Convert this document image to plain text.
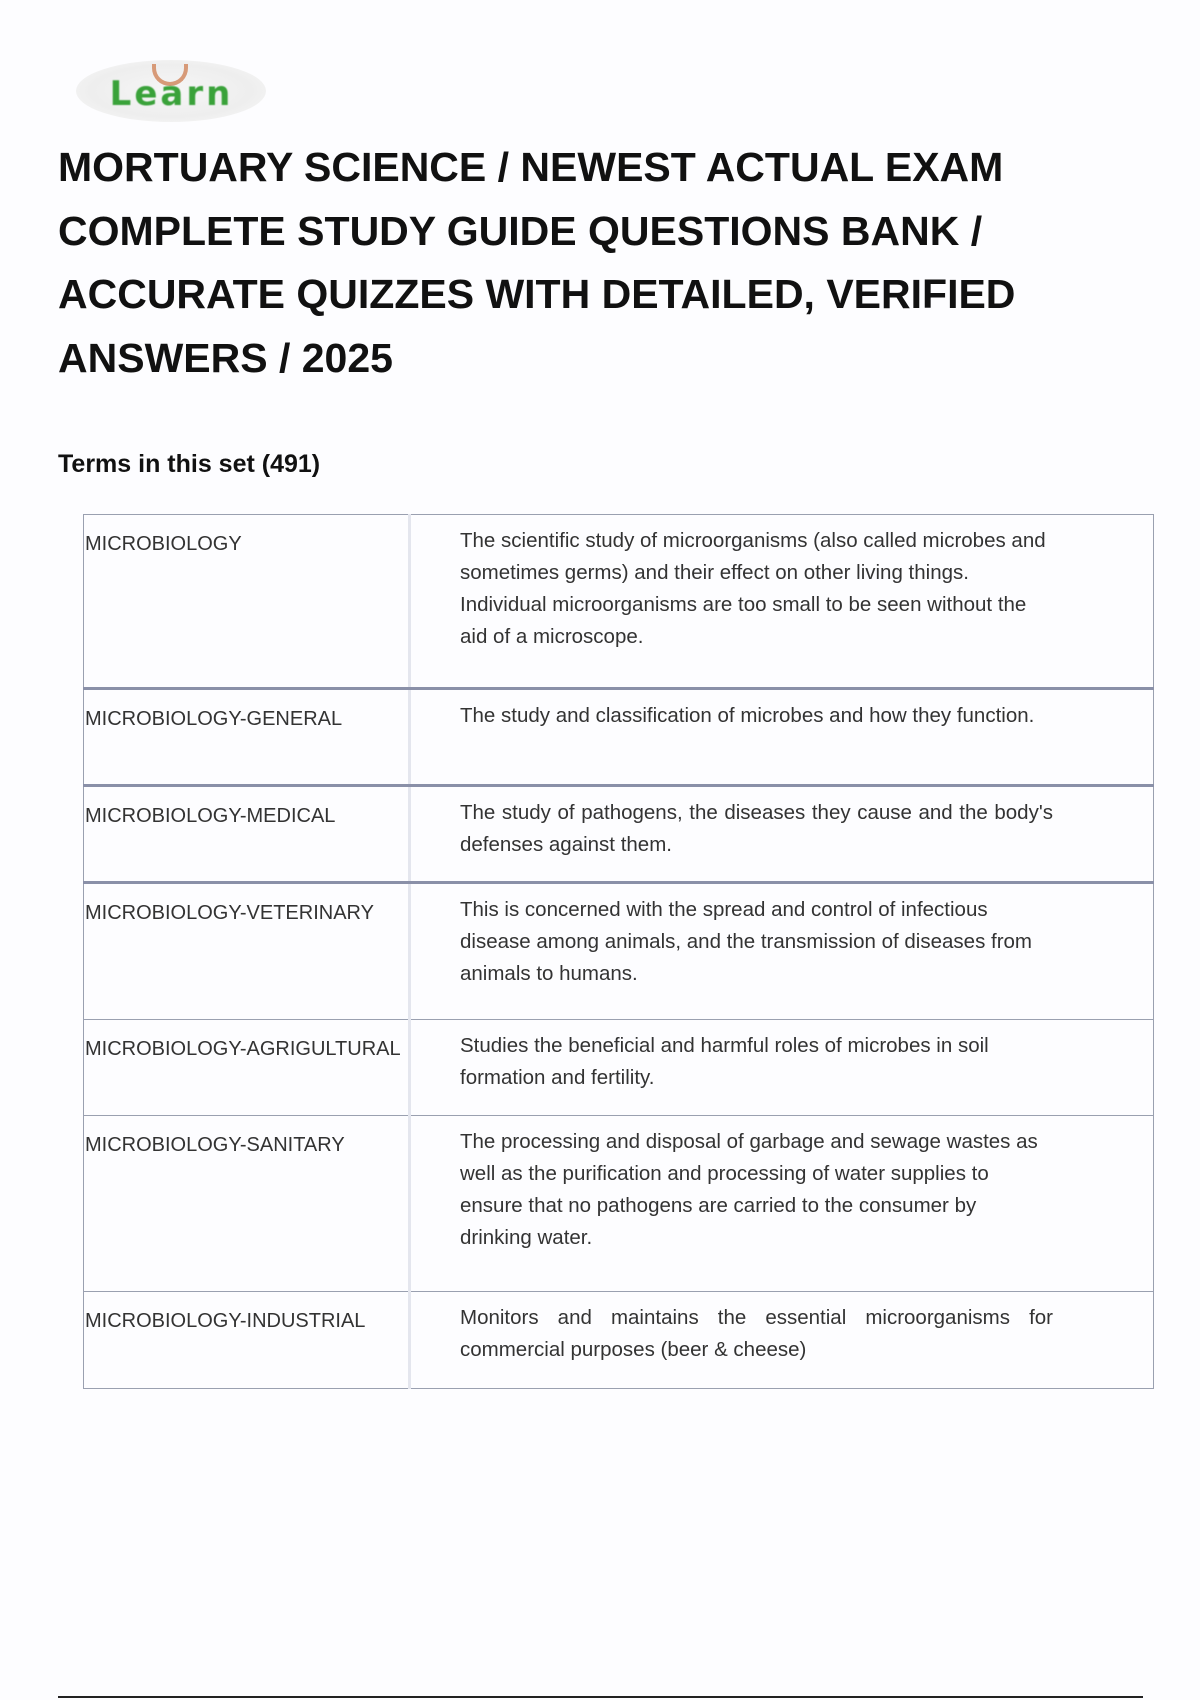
Learn
MORTUARY SCIENCE / NEWEST ACTUAL EXAM COMPLETE STUDY GUIDE QUESTIONS BANK / ACCURATE QUIZZES WITH DETAILED, VERIFIED ANSWERS / 2025
Terms in this set (491)
MICROBIOLOGY	The scientific study of microorganisms (also called microbes and sometimes germs) and their effect on other living things. Individual microorganisms are too small to be seen without the aid of a microscope.
MICROBIOLOGY-GENERAL	The study and classification of microbes and how they function.
MICROBIOLOGY-MEDICAL	The study of pathogens, the diseases they cause and the body's defenses against them.
MICROBIOLOGY-VETERINARY	This is concerned with the spread and control of infectious disease among animals, and the transmission of diseases from animals to humans.
MICROBIOLOGY-AGRIGULTURAL	Studies the beneficial and harmful roles of microbes in soil formation and fertility.
MICROBIOLOGY-SANITARY	The processing and disposal of garbage and sewage wastes as well as the purification and processing of water supplies to ensure that no pathogens are carried to the consumer by drinking water.
MICROBIOLOGY-INDUSTRIAL	Monitors and maintains the essential microorganisms for commercial purposes (beer & cheese)
